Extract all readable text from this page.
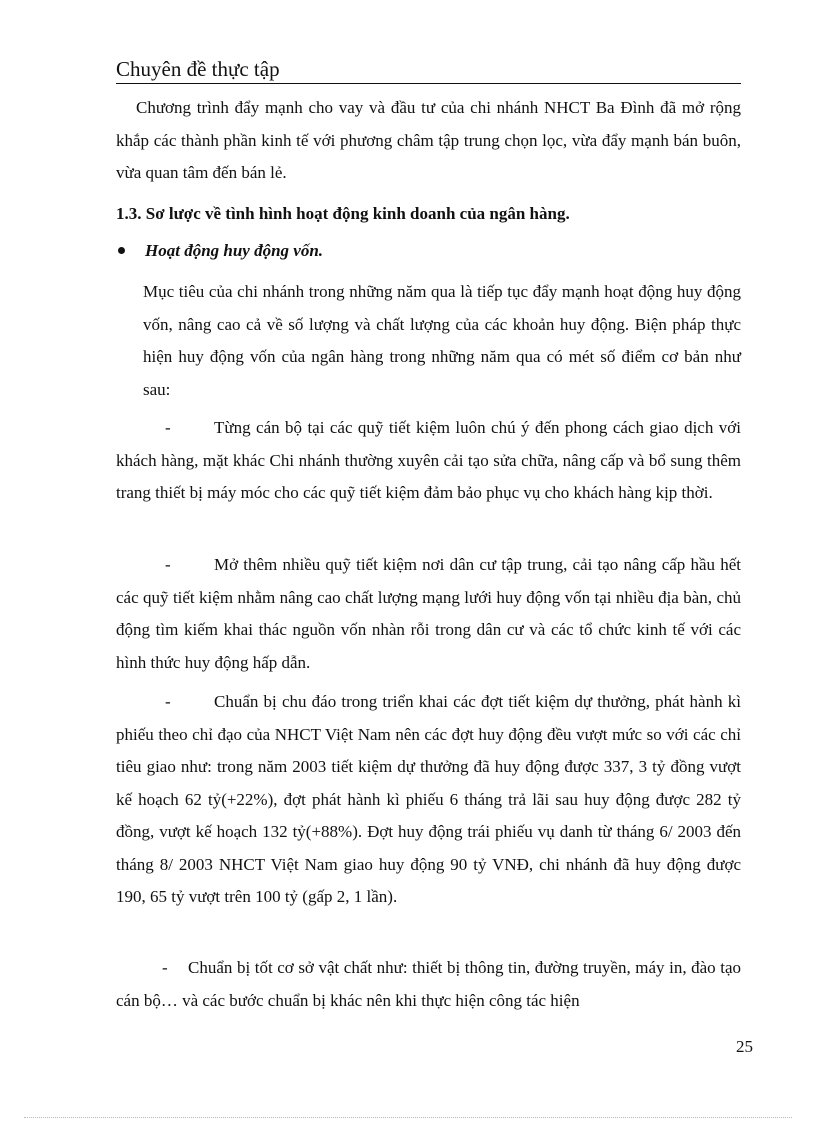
Chuyên đề thực tập
Chương trình đẩy mạnh cho vay và đầu tư của chi nhánh NHCT Ba Đình đã mở rộng khắp các thành phần kinh tế với phương châm tập trung chọn lọc, vừa đẩy mạnh bán buôn, vừa quan tâm đến bán lẻ.
1.3. Sơ lược về tình hình hoạt động kinh doanh của ngân hàng.
Hoạt động huy động vốn.
Mục tiêu của chi nhánh trong những năm qua là tiếp tục đẩy mạnh hoạt động huy động vốn, nâng cao cả về số lượng và chất lượng của các khoản huy động. Biện pháp thực hiện huy động vốn của ngân hàng trong những năm qua có mét số điểm cơ bản như sau:
-	Từng cán bộ tại các quỹ tiết kiệm luôn chú ý đến phong cách giao dịch với khách hàng, mặt khác Chi nhánh thường xuyên cải tạo sửa chữa, nâng cấp và bổ sung thêm trang thiết bị máy móc cho các quỹ tiết kiệm đảm bảo phục vụ cho khách hàng kịp thời.
-	Mở thêm nhiều quỹ tiết kiệm nơi dân cư tập trung, cải tạo nâng cấp hầu hết các quỹ tiết kiệm nhằm nâng cao chất lượng mạng lưới huy động vốn tại nhiều địa bàn, chủ động tìm kiếm khai thác nguồn vốn nhàn rỗi trong dân cư và các tổ chức kinh tế với các hình thức huy động hấp dẫn.
-	Chuẩn bị chu đáo trong triển khai các đợt tiết kiệm dự thưởng, phát hành kì phiếu theo chỉ đạo của NHCT Việt Nam nên các đợt huy động đều vượt mức so với các chỉ tiêu giao như: trong năm 2003 tiết kiệm dự thưởng đã huy động được 337, 3 tỷ đồng vượt kế hoạch 62 tỷ(+22%), đợt phát hành kì phiếu 6 tháng trả lãi sau huy động được 282 tỷ đồng, vượt kế hoạch 132 tỷ(+88%). Đợt huy động trái phiếu vụ danh từ tháng 6/ 2003 đến tháng 8/ 2003 NHCT Việt Nam giao huy động 90 tỷ VNĐ, chi nhánh đã huy động được 190, 65 tỷ vượt trên 100 tỷ (gấp 2, 1 lần).
- Chuẩn bị tốt cơ sở vật chất như: thiết bị thông tin, đường truyền, máy in, đào tạo cán bộ… và các bước chuẩn bị khác nên khi thực hiện công tác hiện
25
